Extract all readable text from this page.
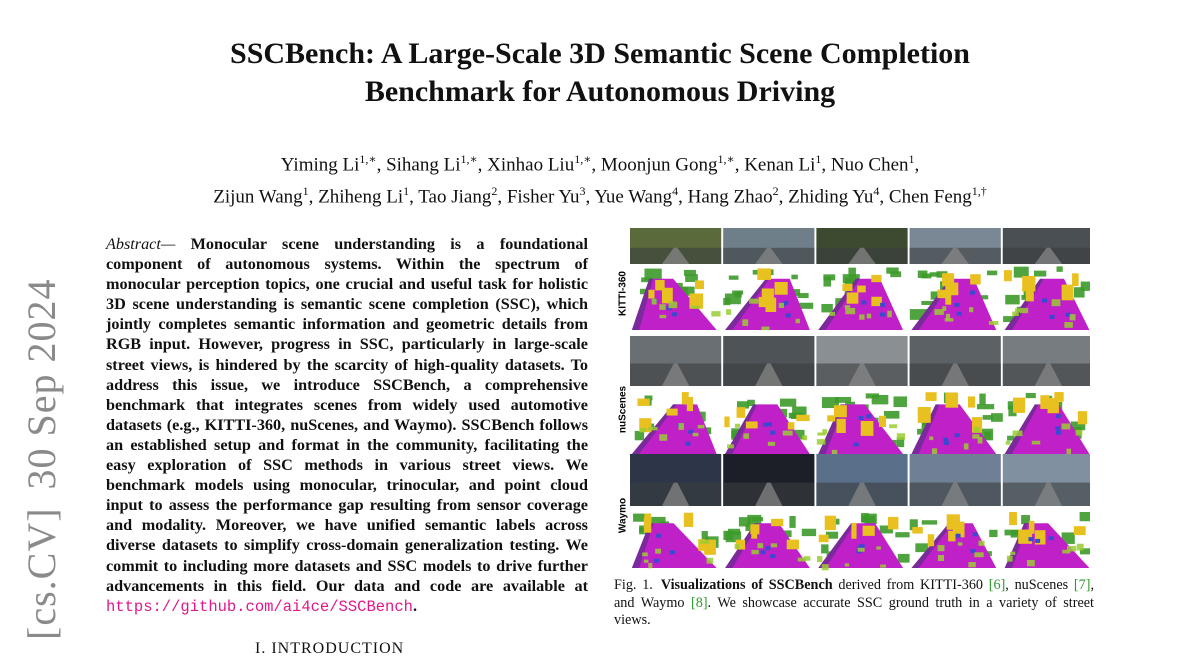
[cs.CV]30 Sep 2024
SSCBench: A Large-Scale 3D Semantic Scene Completion
Benchmark for Autonomous Driving
Yiming $Li^{1,∗}$, Sihang $Li^{1,∗}$, Xinhao Liu$^{1,∗}$, Moonjun Gong$^{1,∗}$, Kenan Li$^1$, Nuo Chen$^1$,
Zijun Wang$^1$, Zhiheng Li$^1$, Tao Jiang$^2$, Fisher Yu$^3$, Yue Wang$^4$, Hang Zhao$^2$, Zhiding Yu$^4$, Chen Feng$^{1,\dagger}$
Abstract— Monocular scene understanding is a foundational component of autonomous systems. Within the spectrum of monocular perception topics, one crucial and useful task for holistic 3D scene understanding is semantic scene completion (SSC), which jointly completes semantic information and geometric details from RGB input. However, progress in SSC, particularly in large-scale street views, is hindered by the scarcity of high-quality datasets. To address this issue, we introduce SSCBench, a comprehensive benchmark that integrates scenes from widely used automotive datasets (e.g., KITTI-360, nuScenes, and Waymo). SSCBench follows an established setup and format in the community, facilitating the easy exploration of SSC methods in various street views. We benchmark models using monocular, trinocular, and point cloud input to assess the performance gap resulting from sensor coverage and modality. Moreover, we have unified semantic labels across diverse datasets to simplify cross-domain generalization testing. We commit to including more datasets and SSC models to drive further advancements in this field. Our data and code are available at https://github.com/ai4ce/SSCBench.
I. INTRODUCTION
KITTI-360
nuScenes
Waymo
Fig. 1. Visualizations of SSCBench derived from KITTI-360 [6], nuScenes [7], and Waymo [8]. We showcase accurate SSC ground truth in a variety of street views.
